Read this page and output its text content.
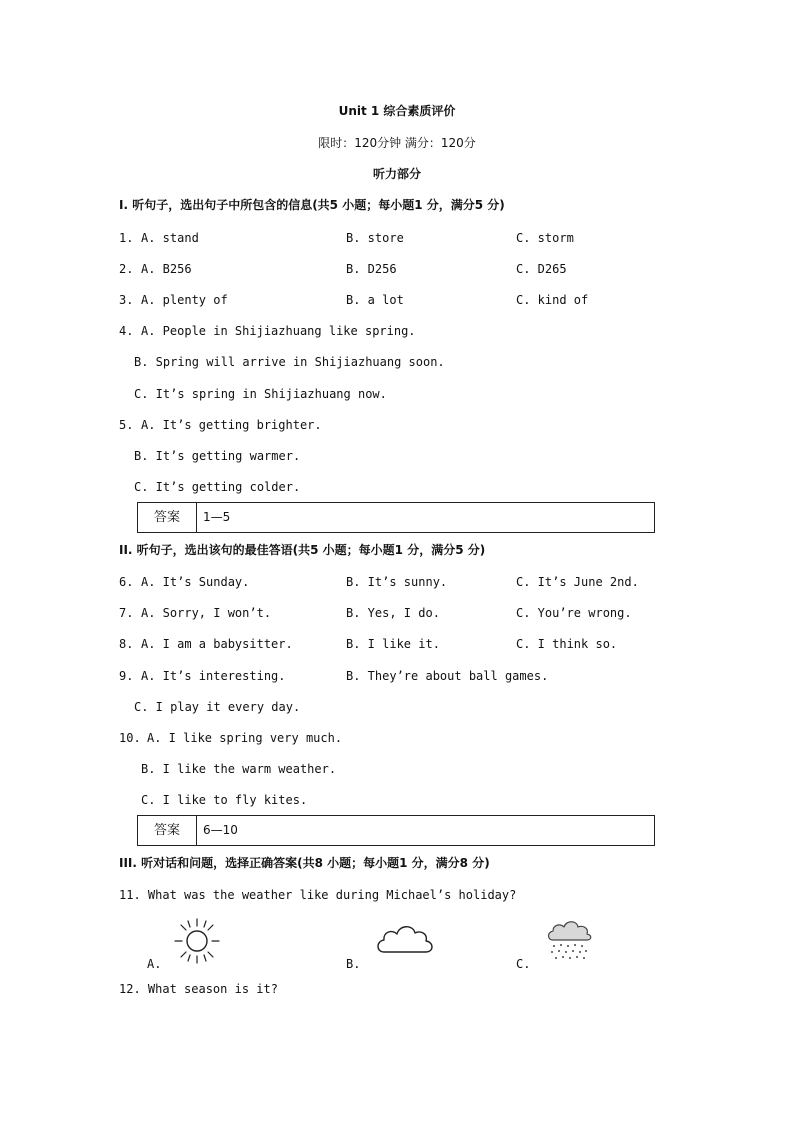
Unit 1 综合素质评价
限时：120分钟 满分：120分
听力部分
I. 听句子，选出句子中所包含的信息(共5 小题；每小题1 分，满分5 分)
1. A. stand	B. store	C. storm
2. A. B256	B. D256	C. D265
3. A. plenty of	B. a lot	C. kind of
4. A. People in Shijiazhuang like spring.
B. Spring will arrive in Shijiazhuang soon.
C. It’s spring in Shijiazhuang now.
5. A. It’s getting brighter.
B. It’s getting warmer.
C. It’s getting colder.
答案	1—5
II. 听句子，选出该句的最佳答语(共5 小题；每小题1 分，满分5 分)
6. A. It’s Sunday.	B. It’s sunny.	C. It’s June 2nd.
7. A. Sorry, I won’t.	B. Yes, I do.	C. You’re wrong.
8. A. I am a babysitter.	B. I like it.	C. I think so.
9. A. It’s interesting.	B. They’re about ball games.
C. I play it every day.
10. A. I like spring very much.
B. I like the warm weather.
C. I like to fly kites.
答案	6—10
III. 听对话和问题，选择正确答案(共8 小题；每小题1 分，满分8 分)
11. What was the weather like during Michael’s holiday?
A.	B.	C.
12. What season is it?
